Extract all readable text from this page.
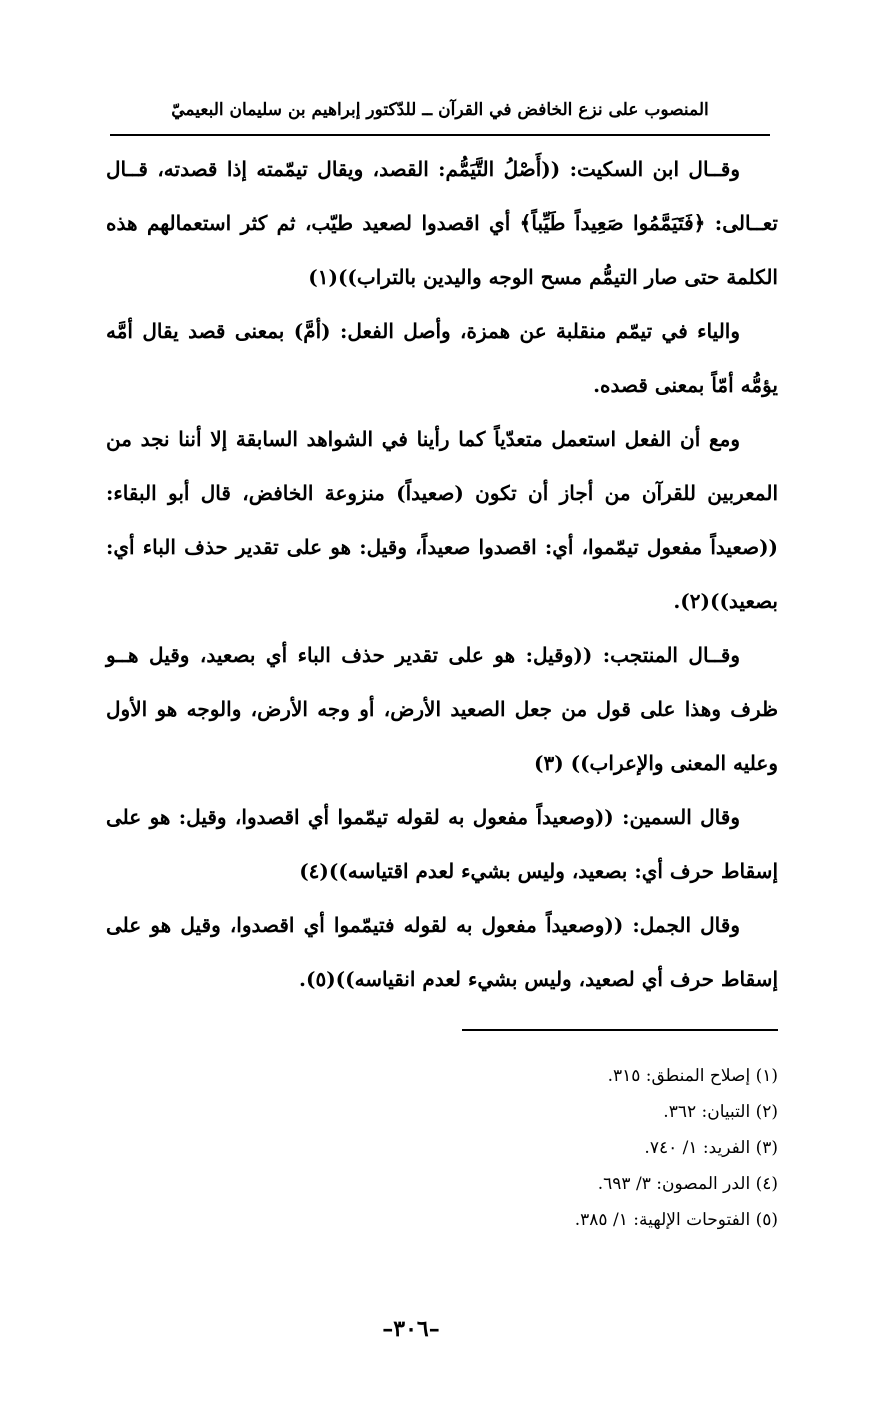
المنصوب على نزع الخافض في القرآن ــ للدّكتور إبراهيم بن سليمان البعيميّ

وقــال ابن السكيت: ((أَصْلُ التَّيَمُّم: القصد، ويقال تيمّمته إذا قصدته، قــال تعــالى: ﴿فَتَيَمَّمُوا صَعِيداً طَيِّباً﴾ أي اقصدوا لصعيد طيّب، ثم كثر استعمالهم هذه الكلمة حتى صار التيمُّم مسح الوجه واليدين بالتراب))(١)

والياء في تيمّم منقلبة عن همزة، وأصل الفعل: (أمَّ) بمعنى قصد يقال أمَّه يؤمُّه أمّاً بمعنى قصده.

ومع أن الفعل استعمل متعدّياً كما رأينا في الشواهد السابقة إلا أننا نجد من المعربين للقرآن من أجاز أن تكون (صعيداً) منزوعة الخافض، قال أبو البقاء: ((صعيداً مفعول تيمّموا، أي: اقصدوا صعيداً، وقيل: هو على تقدير حذف الباء أي: بصعيد))(٢).

وقــال المنتجب: ((وقيل: هو على تقدير حذف الباء أي بصعيد، وقيل هــو ظرف وهذا على قول من جعل الصعيد الأرض، أو وجه الأرض، والوجه هو الأول وعليه المعنى والإعراب)) (٣)

وقال السمين: ((وصعيداً مفعول به لقوله تيمّموا أي اقصدوا، وقيل: هو على إسقاط حرف أي: بصعيد، وليس بشيء لعدم اقتياسه))(٤)

وقال الجمل: ((وصعيداً مفعول به لقوله فتيمّموا أي اقصدوا، وقيل هو على إسقاط حرف أي لصعيد، وليس بشيء لعدم انقياسه))(٥).

(١) إصلاح المنطق: ٣١٥.
(٢) التبيان: ٣٦٢.
(٣) الفريد: ١/ ٧٤٠.
(٤) الدر المصون: ٣/ ٦٩٣.
(٥) الفتوحات الإلهية: ١/ ٣٨٥.
–٣٠٦–
